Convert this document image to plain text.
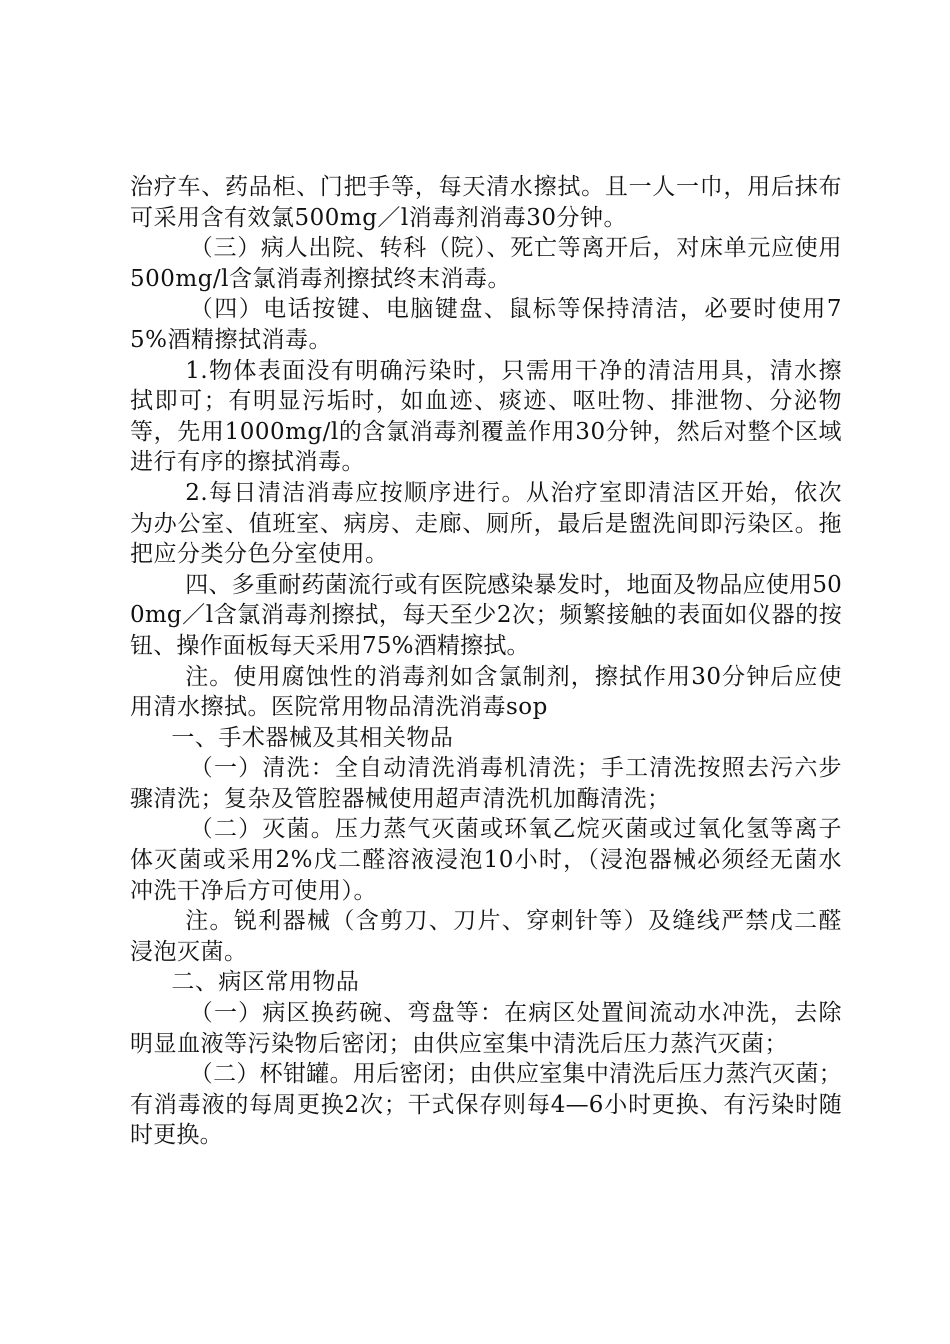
治疗车、药品柜、门把手等，每天清水擦拭。且一人一巾，用后抹布可采用含有效氯500mg／l消毒剂消毒30分钟。

（三）病人出院、转科（院）、死亡等离开后，对床单元应使用500mg/l含氯消毒剂擦拭终末消毒。

（四）电话按键、电脑键盘、鼠标等保持清洁，必要时使用75%酒精擦拭消毒。

1.物体表面没有明确污染时，只需用干净的清洁用具，清水擦拭即可；有明显污垢时，如血迹、痰迹、呕吐物、排泄物、分泌物等，先用1000mg/l的含氯消毒剂覆盖作用30分钟，然后对整个区域进行有序的擦拭消毒。

2.每日清洁消毒应按顺序进行。从治疗室即清洁区开始，依次为办公室、值班室、病房、走廊、厕所，最后是盥洗间即污染区。拖把应分类分色分室使用。

四、多重耐药菌流行或有医院感染暴发时，地面及物品应使用500mg／l含氯消毒剂擦拭，每天至少2次；频繁接触的表面如仪器的按钮、操作面板每天采用75%酒精擦拭。

注。使用腐蚀性的消毒剂如含氯制剂，擦拭作用30分钟后应使用清水擦拭。医院常用物品清洗消毒sop

一、手术器械及其相关物品

（一）清洗：全自动清洗消毒机清洗；手工清洗按照去污六步骤清洗；复杂及管腔器械使用超声清洗机加酶清洗；

（二）灭菌。压力蒸气灭菌或环氧乙烷灭菌或过氧化氢等离子体灭菌或采用2%戊二醛溶液浸泡10小时，（浸泡器械必须经无菌水冲洗干净后方可使用）。

注。锐利器械（含剪刀、刀片、穿刺针等）及缝线严禁戊二醛浸泡灭菌。

二、病区常用物品

（一）病区换药碗、弯盘等：在病区处置间流动水冲洗，去除明显血液等污染物后密闭；由供应室集中清洗后压力蒸汽灭菌；

（二）杯钳罐。用后密闭；由供应室集中清洗后压力蒸汽灭菌；有消毒液的每周更换2次；干式保存则每4—6小时更换、有污染时随时更换。
